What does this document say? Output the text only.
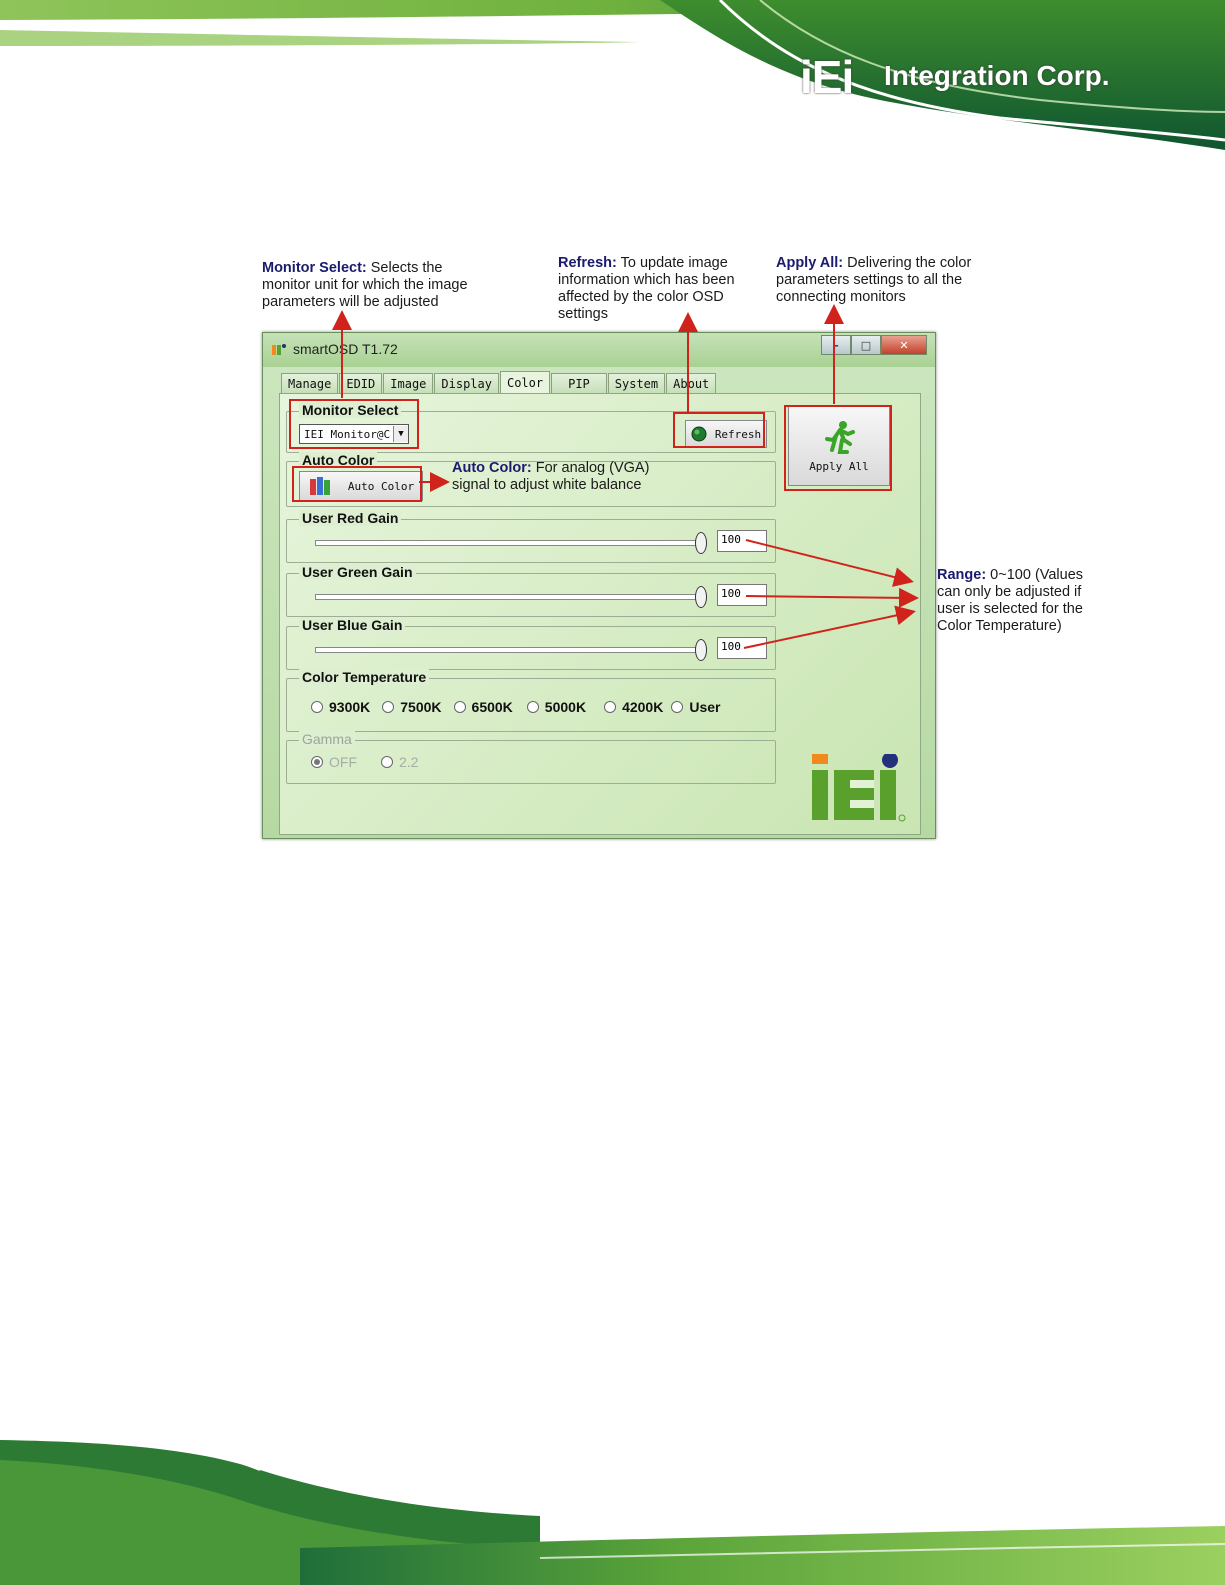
iEi Integration Corp.
Monitor Select: Selects the monitor unit for which the image parameters will be adjusted
Refresh: To update image information which has been affected by the color OSD settings
Apply All: Delivering the color parameters settings to all the connecting monitors
Auto Color: For analog (VGA) signal to adjust white balance
Range: 0~100 (Values can only be adjusted if user is selected for the Color Temperature)
smartOSD T1.72	–	□	✕
Manage	EDID	Image	Display	Color	PIP	System	About
Monitor Select
IEI Monitor@C ▼	Refresh
Auto Color
Auto Color
User Red Gain
100
User Green Gain
100
User Blue Gain
100
Color Temperature
9300K 7500K 6500K 5000K	4200K User
Gamma
OFF	2.2
Apply All
